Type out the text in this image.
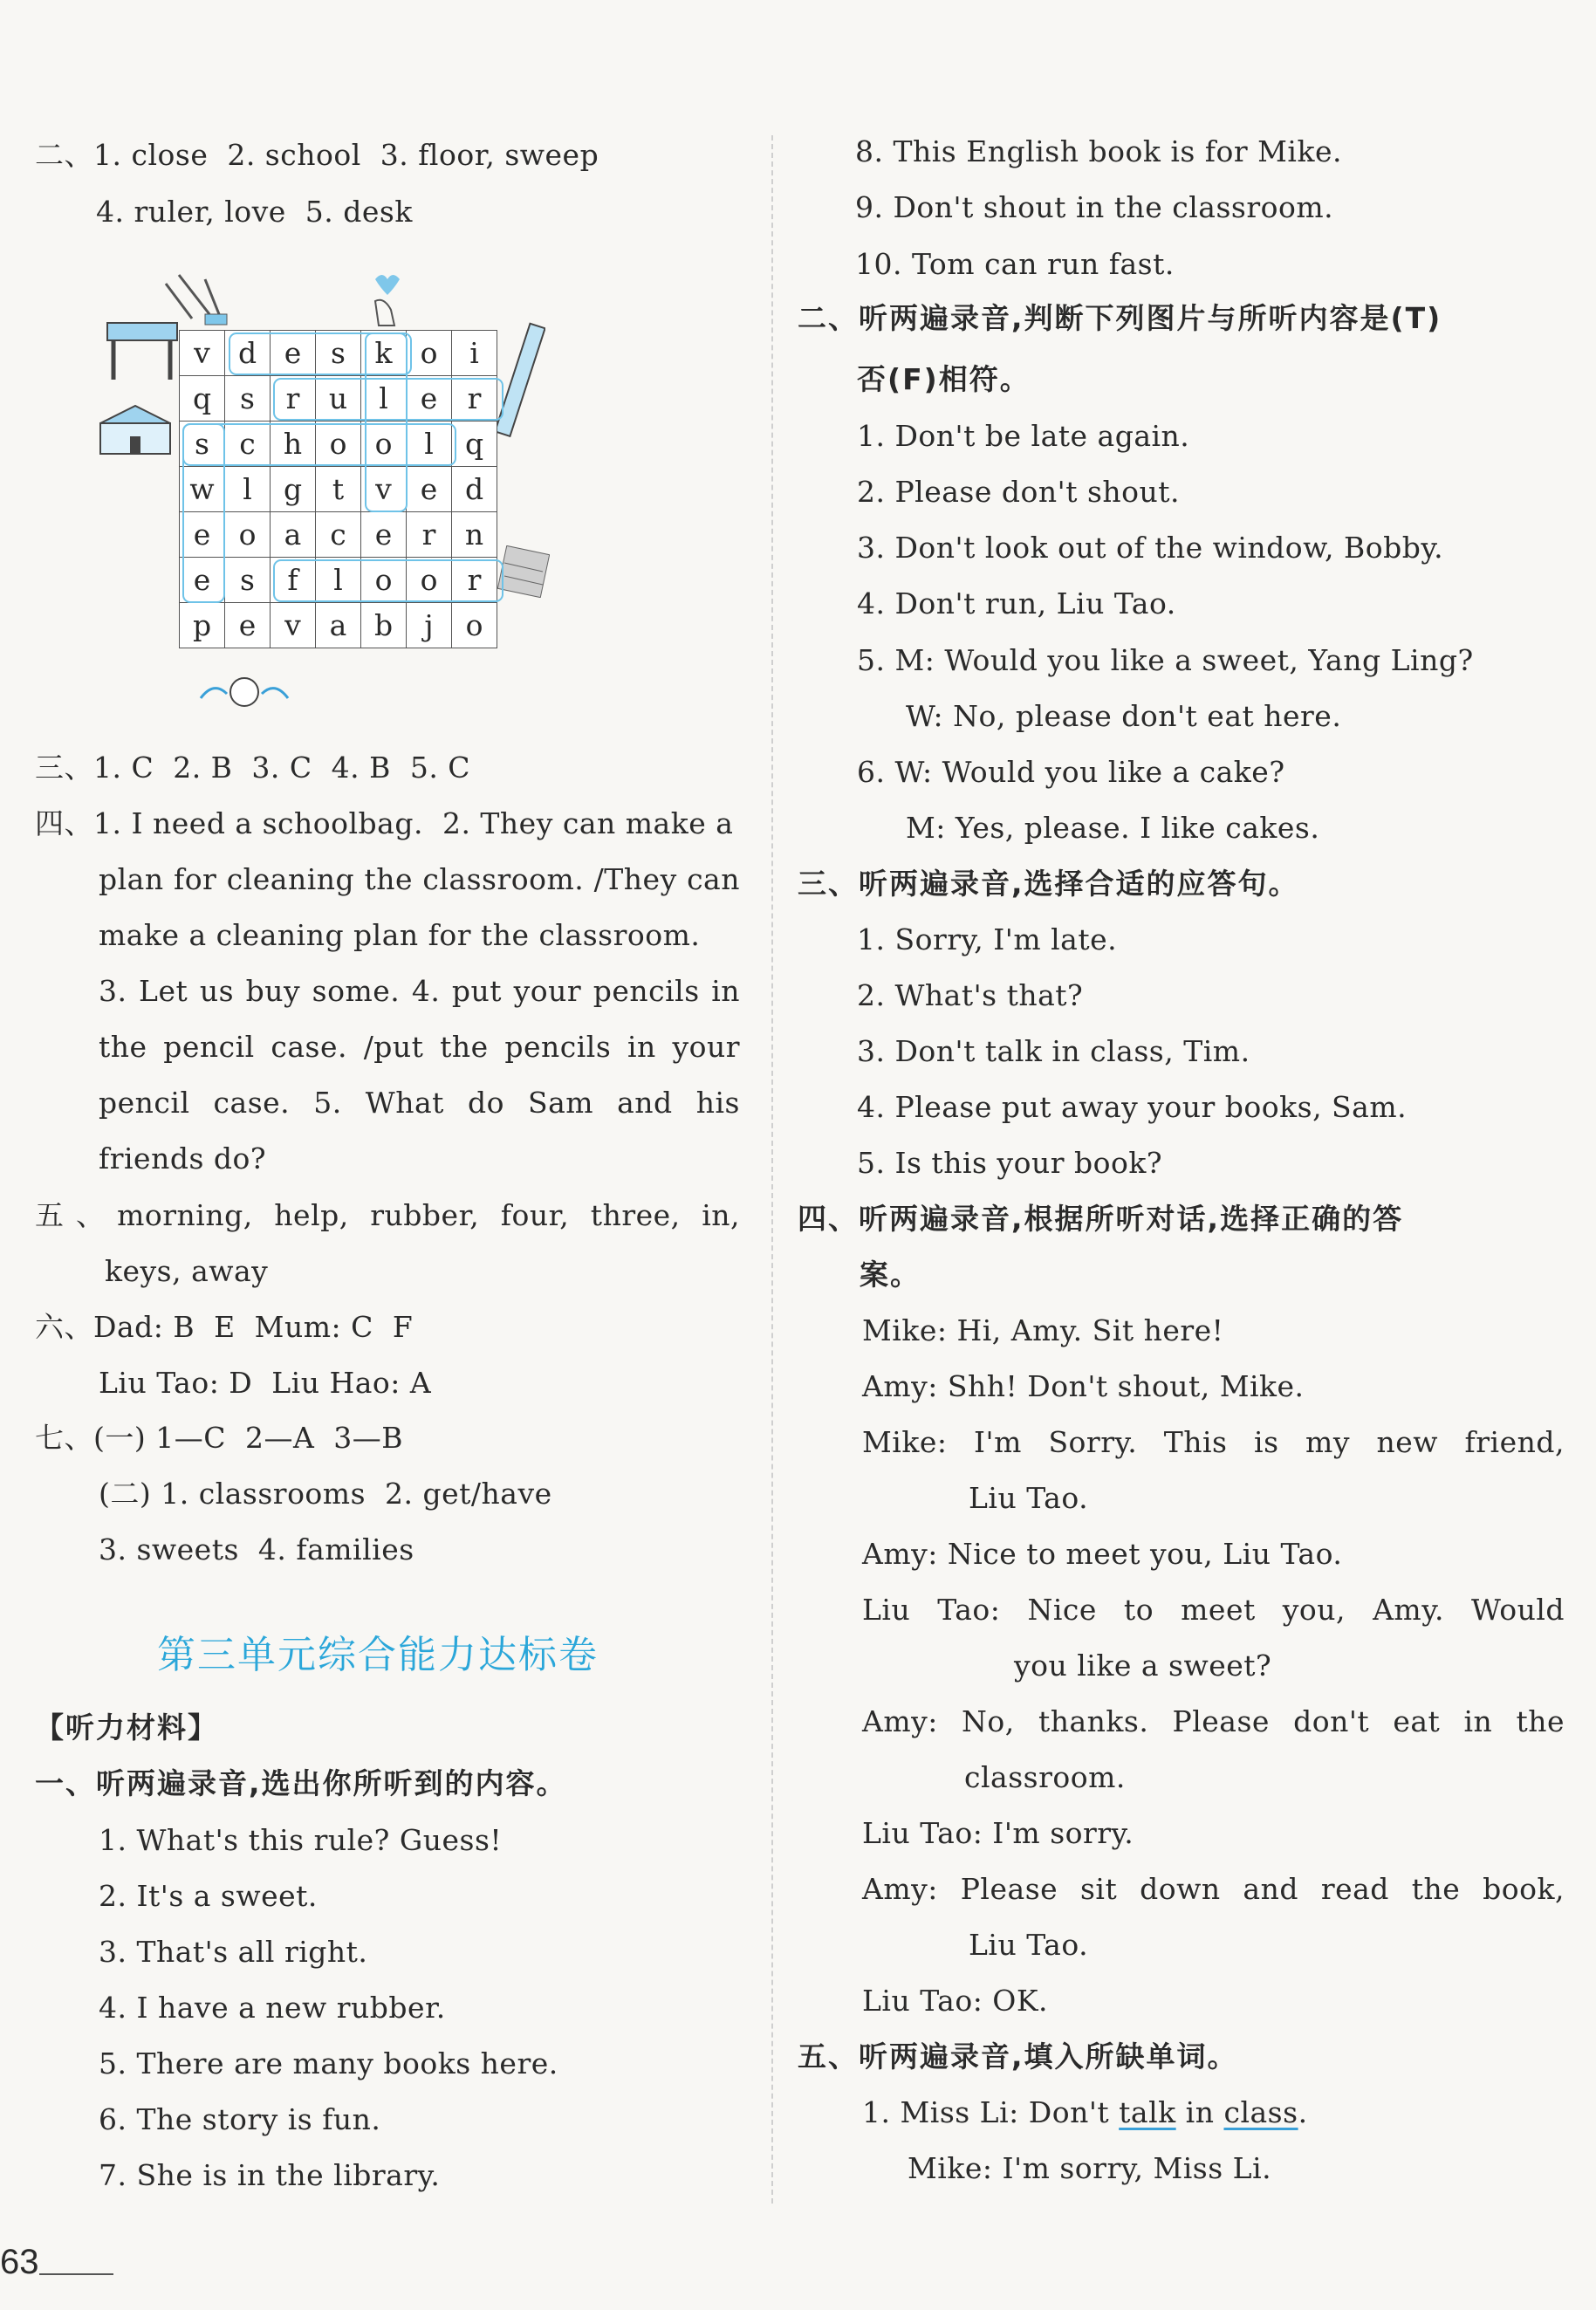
二、1. close  2. school  3. floor, sweep
4. ruler, love  5. desk
v	d	e	s	k	o	i
q	s	r	u	l	e	r
s	c	h	o	o	l	q
w	l	g	t	v	e	d
e	o	a	c	e	r	n
e	s	f	l	o	o	r
p	e	v	a	b	j	o
三、1. C  2. B  3. C  4. B  5. C
四、1. I need a schoolbag.  2. They can make a
plan for cleaning the classroom. /They can
make a cleaning plan for the classroom.
3. Let us buy some. 4. put your pencils in
the pencil case. /put the pencils in your
pencil case. 5. What do Sam and his
friends do?
五、morning, help, rubber, four, three, in,
keys, away
六、Dad: B  E  Mum: C  F
Liu Tao: D  Liu Hao: A
七、(一) 1—C  2—A  3—B
(二) 1. classrooms  2. get/have
3. sweets  4. families
第三单元综合能力达标卷
【听力材料】
一、听两遍录音,选出你所听到的内容。
1. What's this rule? Guess!
2. It's a sweet.
3. That's all right.
4. I have a new rubber.
5. There are many books here.
6. The story is fun.
7. She is in the library.
63
8. This English book is for Mike.
9. Don't shout in the classroom.
10. Tom can run fast.
二、听两遍录音,判断下列图片与所听内容是(T)
否(F)相符。
1. Don't be late again.
2. Please don't shout.
3. Don't look out of the window, Bobby.
4. Don't run, Liu Tao.
5. M: Would you like a sweet, Yang Ling?
W: No, please don't eat here.
6. W: Would you like a cake?
M: Yes, please. I like cakes.
三、听两遍录音,选择合适的应答句。
1. Sorry, I'm late.
2. What's that?
3. Don't talk in class, Tim.
4. Please put away your books, Sam.
5. Is this your book?
四、听两遍录音,根据所听对话,选择正确的答
案。
Mike: Hi, Amy. Sit here!
Amy: Shh! Don't shout, Mike.
Mike: I'm Sorry. This is my new friend,
Liu Tao.
Amy: Nice to meet you, Liu Tao.
Liu Tao: Nice to meet you, Amy. Would
you like a sweet?
Amy: No, thanks. Please don't eat in the
classroom.
Liu Tao: I'm sorry.
Amy: Please sit down and read the book,
Liu Tao.
Liu Tao: OK.
五、听两遍录音,填入所缺单词。
1. Miss Li: Don't talk in class.
Mike: I'm sorry, Miss Li.
